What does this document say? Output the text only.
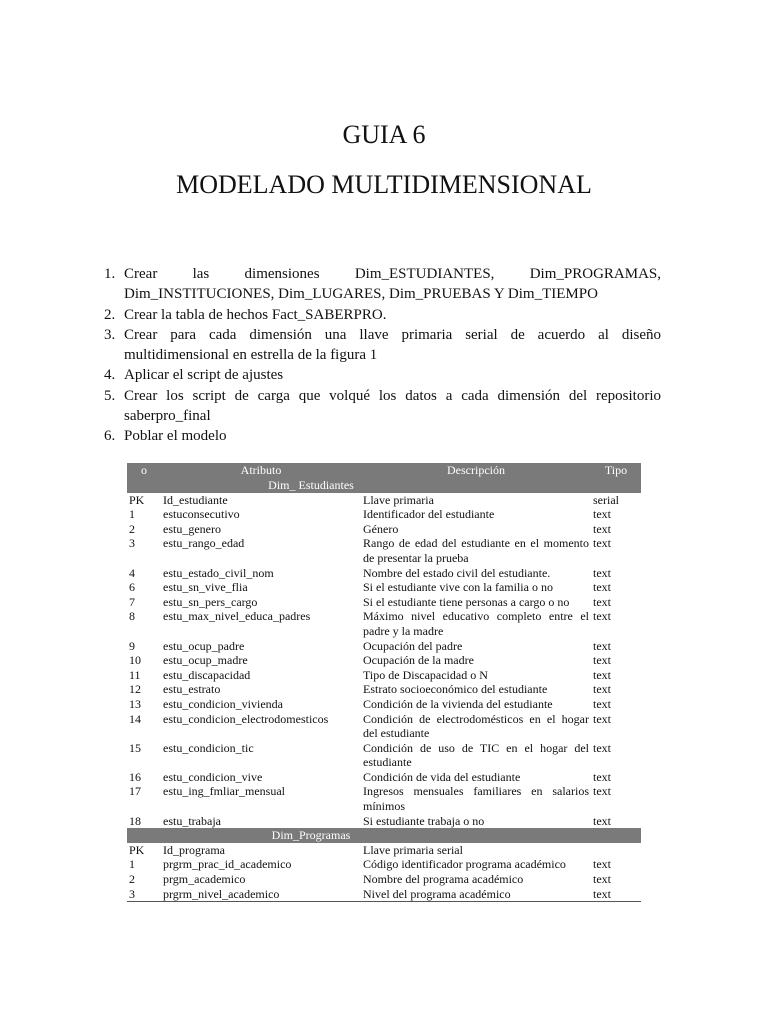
GUIA 6
MODELADO MULTIDIMENSIONAL
1. Crear las dimensiones Dim_ESTUDIANTES, Dim_PROGRAMAS,
Dim_INSTITUCIONES, Dim_LUGARES, Dim_PRUEBAS Y Dim_TIEMPO
2. Crear la tabla de hechos Fact_SABERPRO.
3. Crear para cada dimensión una llave primaria serial de acuerdo al diseño
multidimensional en estrella de la figura 1
4. Aplicar el script de ajustes
5. Crear los script de carga que volqué los datos a cada dimensión del repositorio
saberpro_final
6. Poblar el modelo
o	Atributo	Descripción	Tipo
	Dim_ Estudiantes		
PK	Id_estudiante	Llave primaria	serial
1	estuconsecutivo	Identificador del estudiante	text
2	estu_genero	Género	text
3	estu_rango_edad	Rango de edad del estudiante en el momento de presentar la prueba	text
4	estu_estado_civil_nom	Nombre del estado civil del estudiante.	text
6	estu_sn_vive_flia	Si el estudiante vive con la familia o no	text
7	estu_sn_pers_cargo	Si el estudiante tiene personas a cargo o no	text
8	estu_max_nivel_educa_padres	Máximo nivel educativo completo entre el padre y la madre	text
9	estu_ocup_padre	Ocupación del padre	text
10	estu_ocup_madre	Ocupación de la madre	text
11	estu_discapacidad	Tipo de Discapacidad o N	text
12	estu_estrato	Estrato socioeconómico del estudiante	text
13	estu_condicion_vivienda	Condición de la vivienda del estudiante	text
14	estu_condicion_electrodomesticos	Condición de electrodomésticos en el hogar del estudiante	text
15	estu_condicion_tic	Condición de uso de TIC en el hogar del estudiante	text
16	estu_condicion_vive	Condición de vida del estudiante	text
17	estu_ing_fmliar_mensual	Ingresos mensuales familiares en salarios mínimos	text
18	estu_trabaja	Si estudiante trabaja o no	text
	Dim_Programas		
PK	Id_programa	Llave primaria serial	
1	prgrm_prac_id_academico	Código identificador programa académico	text
2	prgm_academico	Nombre del programa académico	text
3	prgrm_nivel_academico	Nivel del programa académico	text
